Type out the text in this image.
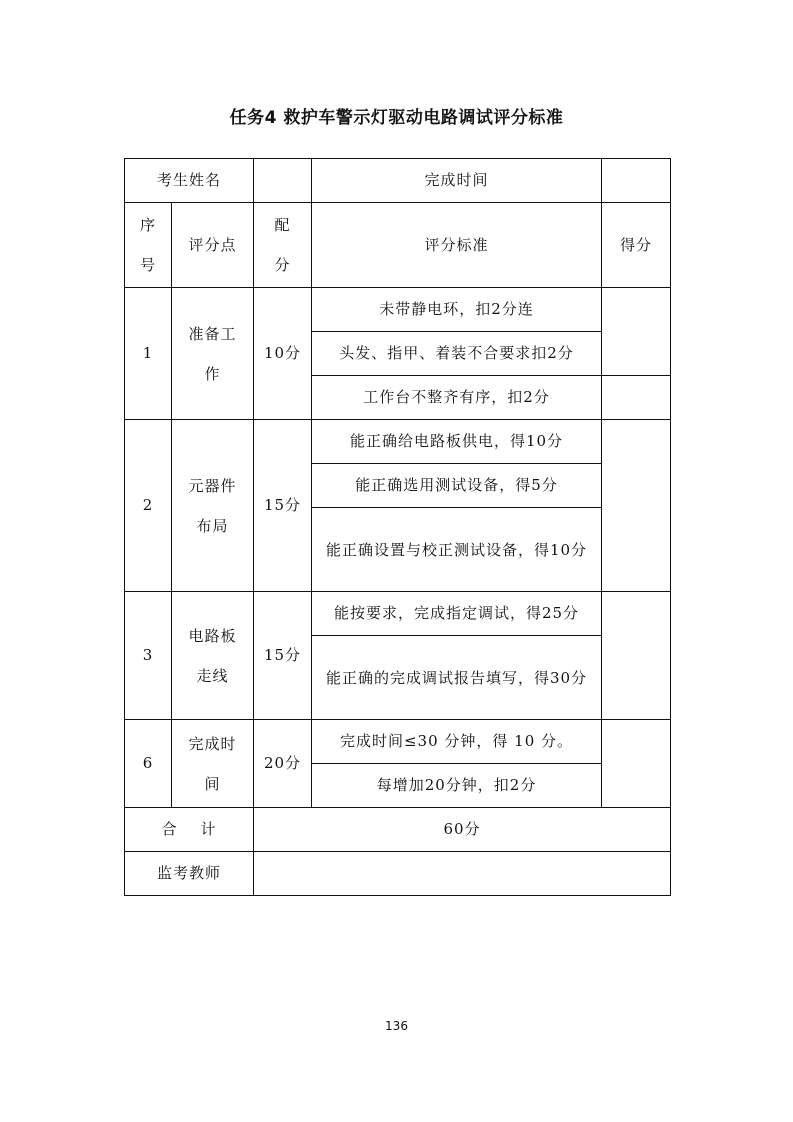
任务4 救护车警示灯驱动电路调试评分标准
考生姓名			完成时间	
序号	评分点	配分	评分标准	得分
1	准备工作	10分	未带静电环，扣2分连	
			头发、指甲、着装不合要求扣2分	
			工作台不整齐有序，扣2分	
2	元器件布局	15分	能正确给电路板供电，得10分	
			能正确选用测试设备，得5分	
			能正确设置与校正测试设备，得10分	
3	电路板走线	15分	能按要求，完成指定调试，得25分	
			能正确的完成调试报告填写，得30分	
6	完成时间	20分	完成时间≤30 分钟，得 10 分。	
			每增加20分钟，扣2分	
合    计		60分		
监考教师				
136
